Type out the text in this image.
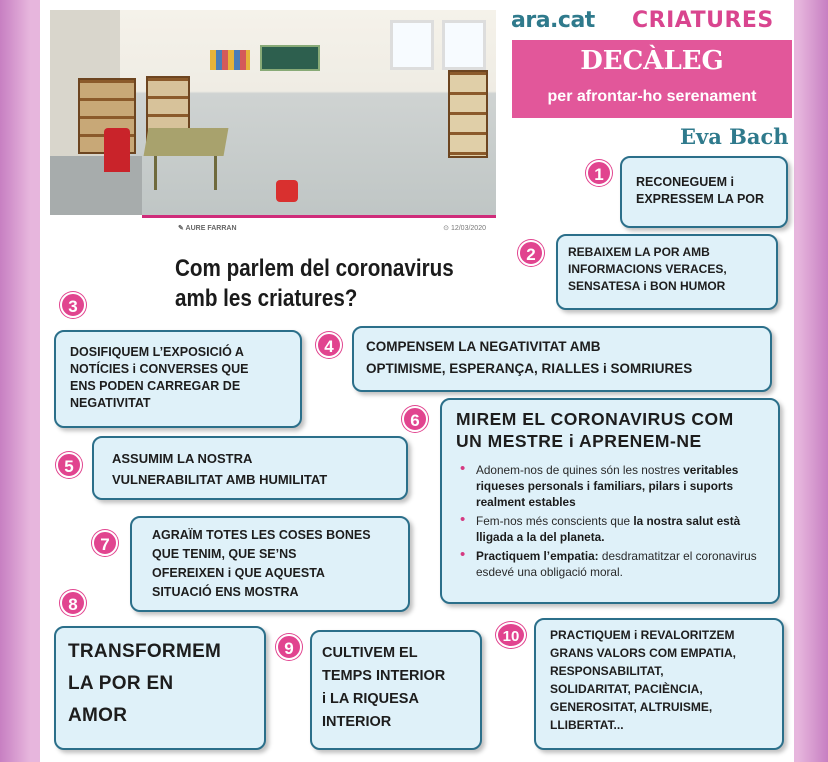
✎ AURE FARRAN	⊙ 12/03/2020
ara.cat CRIATURES
DECÀLEG
per afrontar-ho serenament
Eva Bach
Com parlem del coronavirus
amb les criatures?
1	RECONEGUEM i
EXPRESSEM LA POR
2	REBAIXEM LA POR AMB
INFORMACIONS VERACES,
SENSATESA i BON HUMOR
3
DOSIFIQUEM L’EXPOSICIÓ A
NOTÍCIES i CONVERSES QUE
ENS PODEN CARREGAR DE
NEGATIVITAT
4	COMPENSEM LA NEGATIVITAT AMB
OPTIMISME, ESPERANÇA, RIALLES i SOMRIURES
5	ASSUMIM LA NOSTRA
VULNERABILITAT AMB HUMILITAT
6	MIREM EL CORONAVIRUS COM
UN MESTRE i APRENEM-NE
• Adonem-nos de quines són les nostres veritables riqueses personals i familiars, pilars i suports realment estables
• Fem-nos més conscients que la nostra salut està lligada a la del planeta.
• Practiquem l’empatia: desdramatitzar el coronavirus esdevé una obligació moral.
7	AGRAÏM TOTES LES COSES BONES
QUE TENIM, QUE SE’NS
OFEREIXEN i QUE AQUESTA
SITUACIÓ ENS MOSTRA
8
TRANSFORMEM
LA POR EN
AMOR
9	CULTIVEM EL
TEMPS INTERIOR
i LA RIQUESA
INTERIOR
10	PRACTIQUEM i REVALORITZEM
GRANS VALORS COM EMPATIA,
RESPONSABILITAT,
SOLIDARITAT, PACIÈNCIA,
GENEROSITAT, ALTRUISME,
LLIBERTAT...
